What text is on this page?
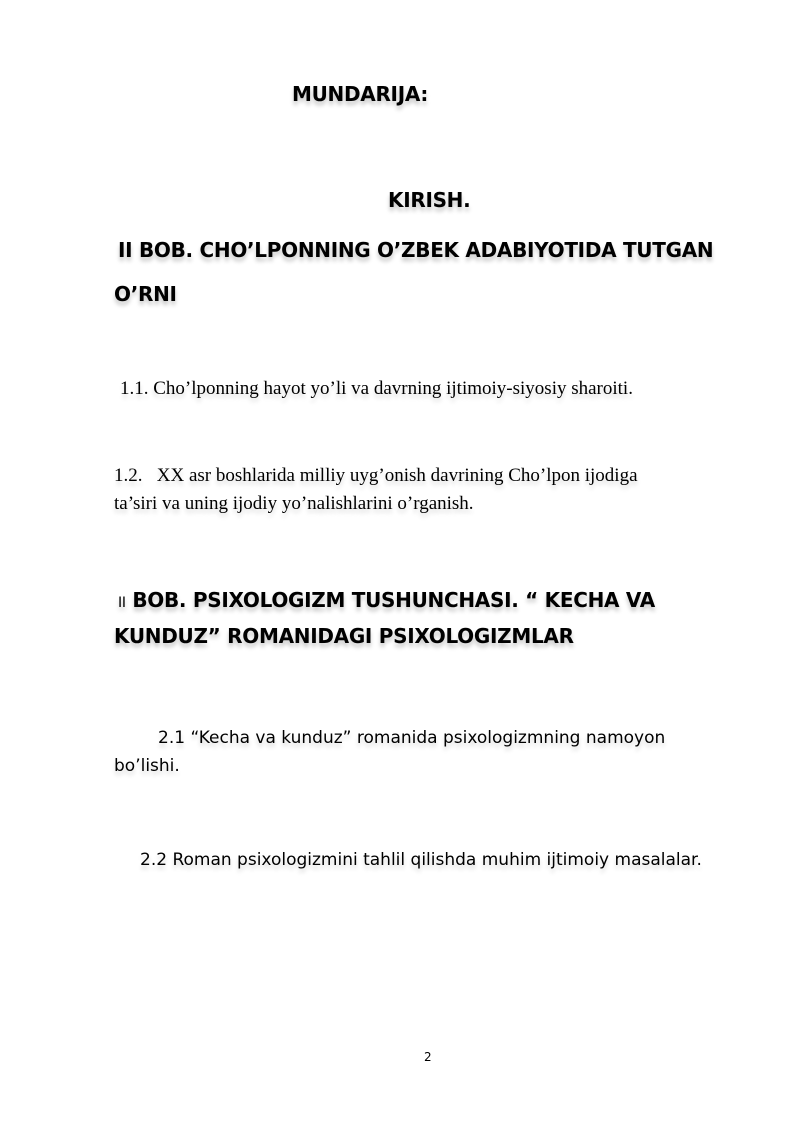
MUNDARIJA:
KIRISH.
II BOB. CHO’LPONNING O’ZBEK ADABIYOTIDA TUTGAN
O’RNI
1.1. Cho’lponning hayot yo’li va davrning ijtimoiy-siyosiy sharoiti.
1.2.   XX asr boshlarida milliy uyg’onish davrining Cho’lpon ijodiga
ta’siri va uning ijodiy yo’nalishlarini o’rganish.
II BOB. PSIXOLOGIZM TUSHUNCHASI. “ KECHA VA
KUNDUZ” ROMANIDAGI PSIXOLOGIZMLAR
2.1 “Kecha va kunduz” romanida psixologizmning namoyon
bo’lishi.
2.2 Roman psixologizmini tahlil qilishda muhim ijtimoiy masalalar.
2
